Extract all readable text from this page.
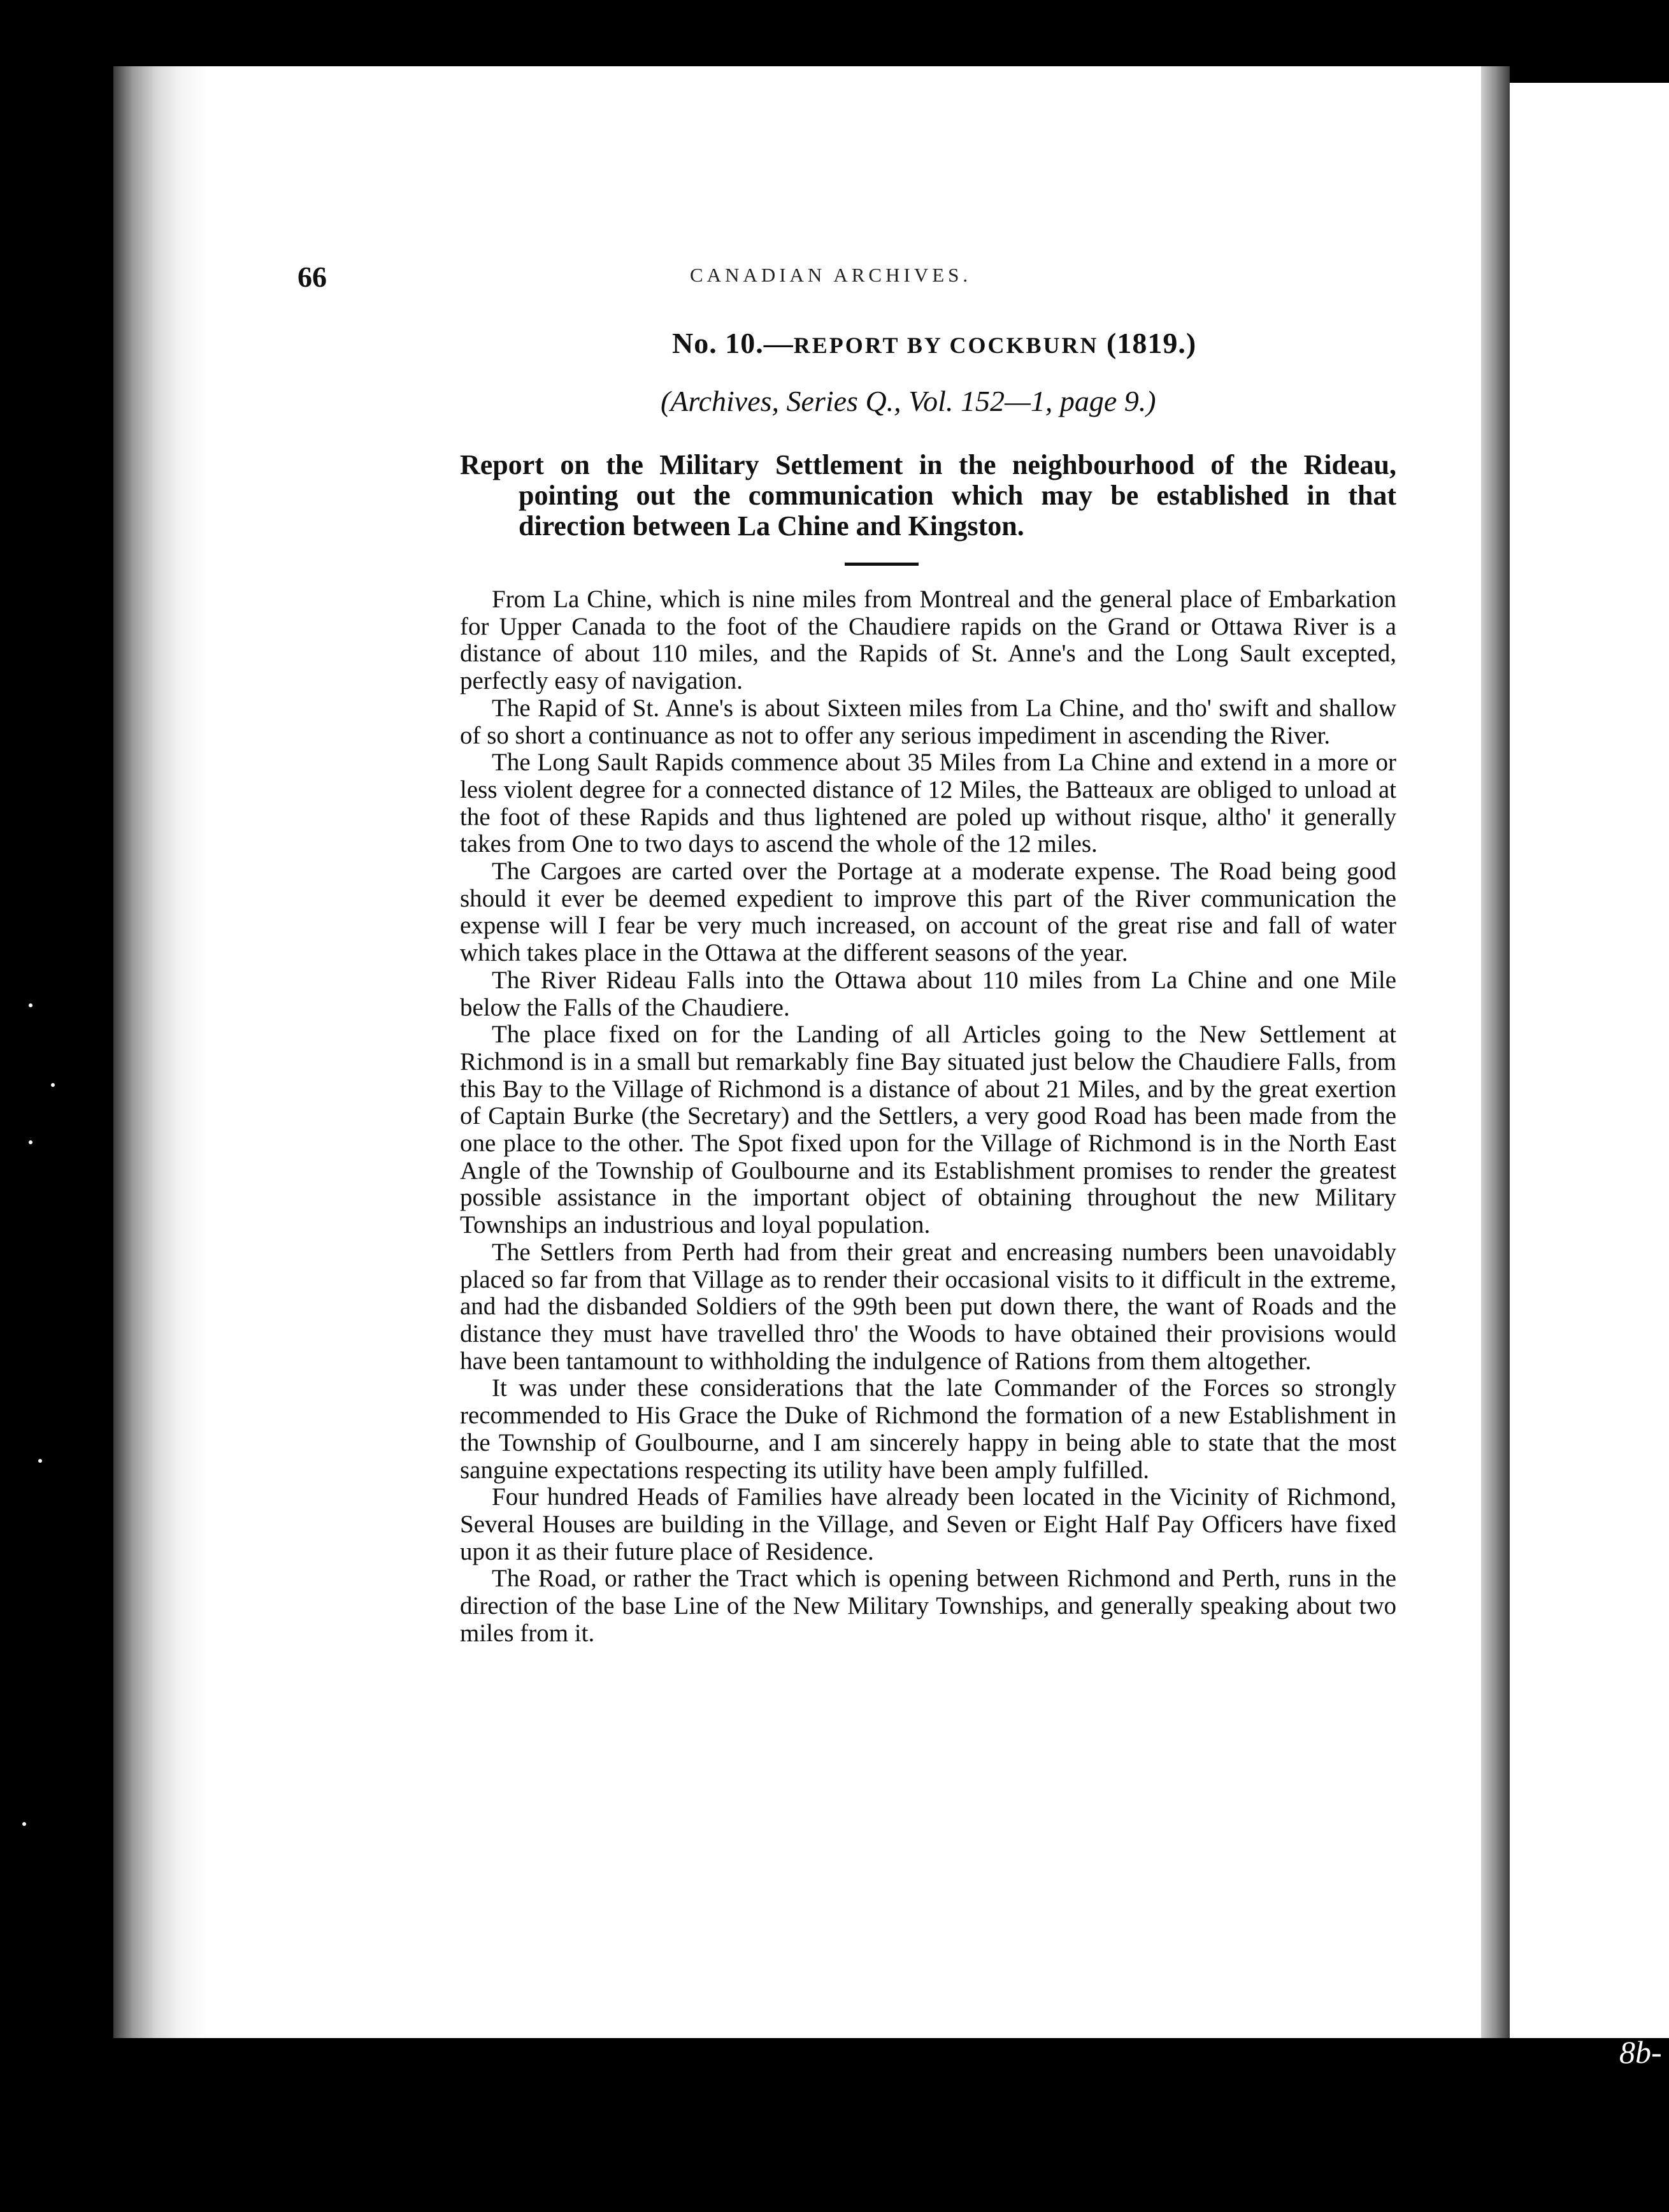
8b-
66	CANADIAN ARCHIVES.
No. 10.—REPORT BY COCKBURN (1819.)
(Archives, Series Q., Vol. 152—1, page 9.)
Report on the Military Settlement in the neighbourhood of the Rideau,
pointing out the communication which may be established in that
direction between La Chine and Kingston.

From La Chine, which is nine miles from Montreal and the general place of Embarkation for Upper Canada to the foot of the Chaudiere rapids on the Grand or Ottawa River is a distance of about 110 miles, and the Rapids of St. Anne's and the Long Sault excepted, perfectly easy of navigation.

The Rapid of St. Anne's is about Sixteen miles from La Chine, and tho' swift and shallow of so short a continuance as not to offer any serious impediment in ascending the River.

The Long Sault Rapids commence about 35 Miles from La Chine and extend in a more or less violent degree for a connected distance of 12 Miles, the Batteaux are obliged to unload at the foot of these Rapids and thus lightened are poled up without risque, altho' it generally takes from One to two days to ascend the whole of the 12 miles.

The Cargoes are carted over the Portage at a moderate expense. The Road being good should it ever be deemed expedient to improve this part of the River communication the expense will I fear be very much increased, on account of the great rise and fall of water which takes place in the Ottawa at the different seasons of the year.

The River Rideau Falls into the Ottawa about 110 miles from La Chine and one Mile below the Falls of the Chaudiere.

The place fixed on for the Landing of all Articles going to the New Settlement at Richmond is in a small but remarkably fine Bay situated just below the Chaudiere Falls, from this Bay to the Village of Richmond is a distance of about 21 Miles, and by the great exertion of Captain Burke (the Secretary) and the Settlers, a very good Road has been made from the one place to the other. The Spot fixed upon for the Village of Richmond is in the North East Angle of the Township of Goulbourne and its Establishment promises to render the greatest possible assistance in the important object of obtaining throughout the new Military Townships an industrious and loyal population.

The Settlers from Perth had from their great and encreasing numbers been unavoidably placed so far from that Village as to render their occasional visits to it difficult in the extreme, and had the disbanded Soldiers of the 99th been put down there, the want of Roads and the distance they must have travelled thro' the Woods to have obtained their provisions would have been tantamount to withholding the indulgence of Rations from them altogether.

It was under these considerations that the late Commander of the Forces so strongly recommended to His Grace the Duke of Richmond the formation of a new Establishment in the Township of Goulbourne, and I am sincerely happy in being able to state that the most sanguine expectations respecting its utility have been amply fulfilled.

Four hundred Heads of Families have already been located in the Vicinity of Richmond, Several Houses are building in the Village, and Seven or Eight Half Pay Officers have fixed upon it as their future place of Residence.

The Road, or rather the Tract which is opening between Richmond and Perth, runs in the direction of the base Line of the New Military Townships, and generally speaking about two miles from it.
